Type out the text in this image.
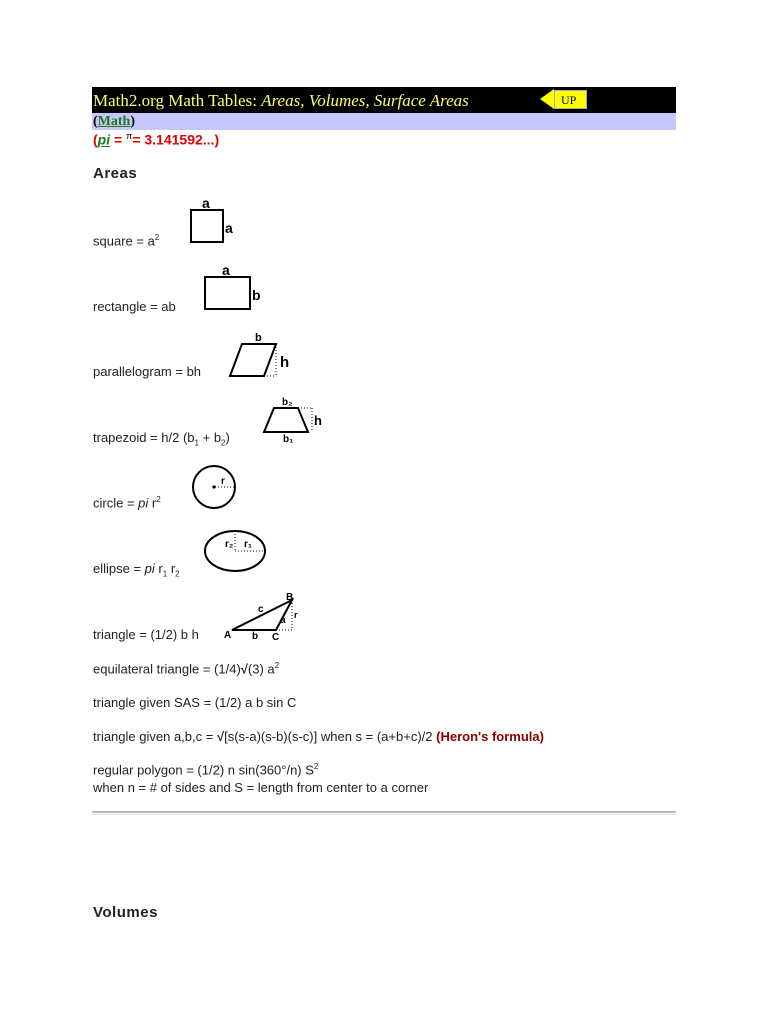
Math2.org Math Tables: Areas, Volumes, Surface Areas	UP
(Math)
(pi = $^\pi$= 3.141592...)
Areas
square = $a^2$
a
a
rectangle = ab
a
b
parallelogram = bh
b
h
trapezoid = h/2 $(b_1 + b_2)$
b₂
h
b₁
circle = pi $r^2$
r
ellipse = pi $r_1$ $r_2$
r₂ r₁
triangle = (1/2) b h	A
B
C
a
b
c	r
equilateral triangle = (1/4)√(3) $a^2$
triangle given SAS = (1/2) a b sin C
triangle given a,b,c = √[s(s-a)(s-b)(s-c)] when s = (a+b+c)/2 (Heron's formula)
regular polygon = (1/2) n sin(360°/n) $S^2$
when n = # of sides and S = length from center to a corner
Volumes
